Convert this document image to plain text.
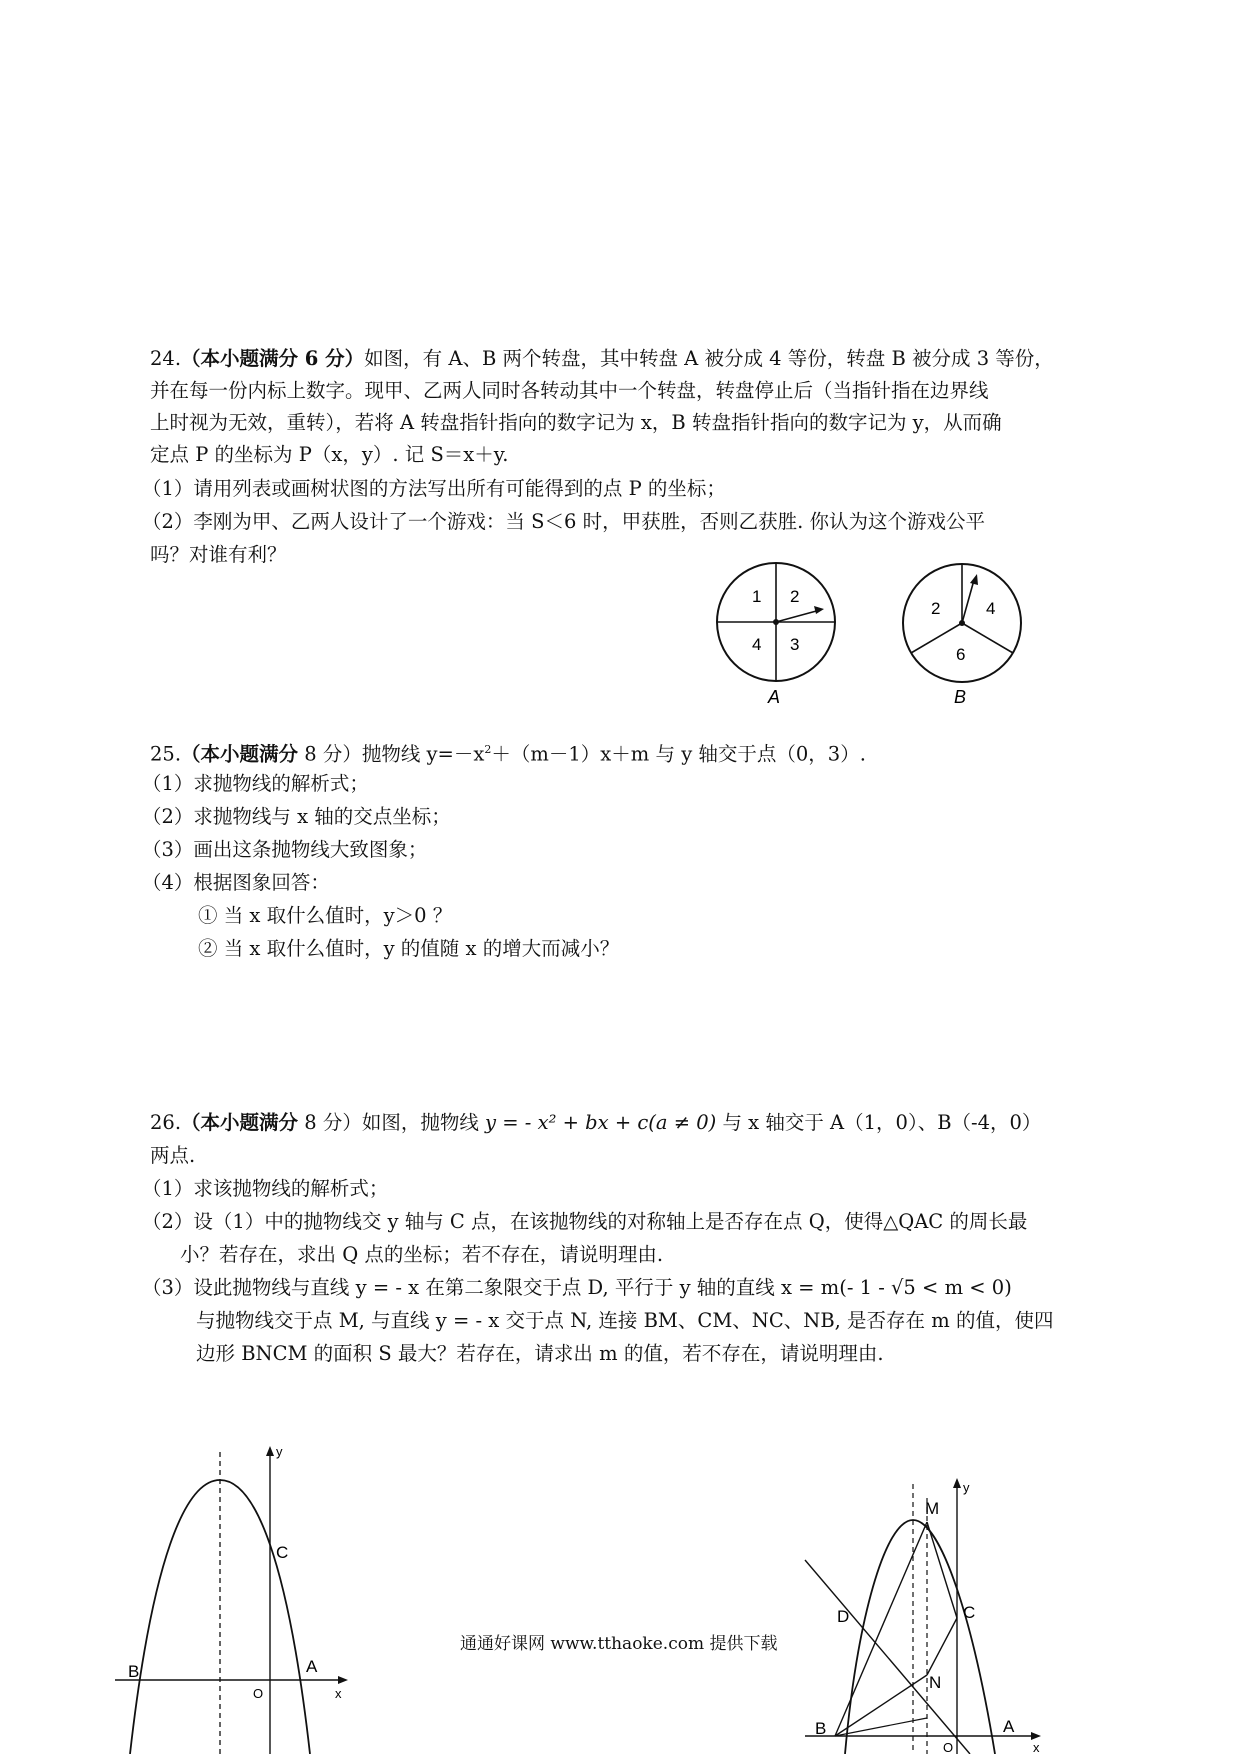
24.（本小题满分 6 分）如图，有 A、B 两个转盘，其中转盘 A 被分成 4 等份，转盘 B 被分成 3 等份，
并在每一份内标上数字。现甲、乙两人同时各转动其中一个转盘，转盘停止后（当指针指在边界线
上时视为无效，重转），若将 A 转盘指针指向的数字记为 x，B 转盘指针指向的数字记为 y，从而确
定点 P 的坐标为 P（x，y）. 记 S＝x＋y.
（1）请用列表或画树状图的方法写出所有可能得到的点 P 的坐标；
（2）李刚为甲、乙两人设计了一个游戏：当 S＜6 时，甲获胜，否则乙获胜. 你认为这个游戏公平
吗？对谁有利？
1 2
4 3
A
2	4
6
B
25.（本小题满分 8 分）抛物线 $y=-x^2+(m-1)x+m$ 与 y 轴交于点（0，3）.
（1）求抛物线的解析式；
（2）求抛物线与 x 轴的交点坐标；
（3）画出这条抛物线大致图象；
（4）根据图象回答：
① 当 x 取什么值时，y＞0 ？
② 当 x 取什么值时，y 的值随 x 的增大而减小？
26.（本小题满分 8 分）如图，抛物线 y = - x² + bx + c(a ≠ 0) 与 x 轴交于 A（1，0）、B（-4，0）
两点.
（1）求该抛物线的解析式；
（2）设（1）中的抛物线交 y 轴与 C 点，在该抛物线的对称轴上是否存在点 Q，使得△QAC 的周长最
小？若存在，求出 Q 点的坐标；若不存在，请说明理由.
（3）设此抛物线与直线 y = - x 在第二象限交于点 D, 平行于 y 轴的直线 x = m(- 1 - √5 < m < 0)
与抛物线交于点 M, 与直线 y = - x 交于点 N, 连接 BM、CM、NC、NB, 是否存在 m 的值，使四
边形 BNCM 的面积 S 最大？若存在，请求出 m 的值，若不存在，请说明理由.
y
C
B
O
A
x
通通好课网 www.tthaoke.com 提供下载
y
M
C
D
N
B
O
A
x
